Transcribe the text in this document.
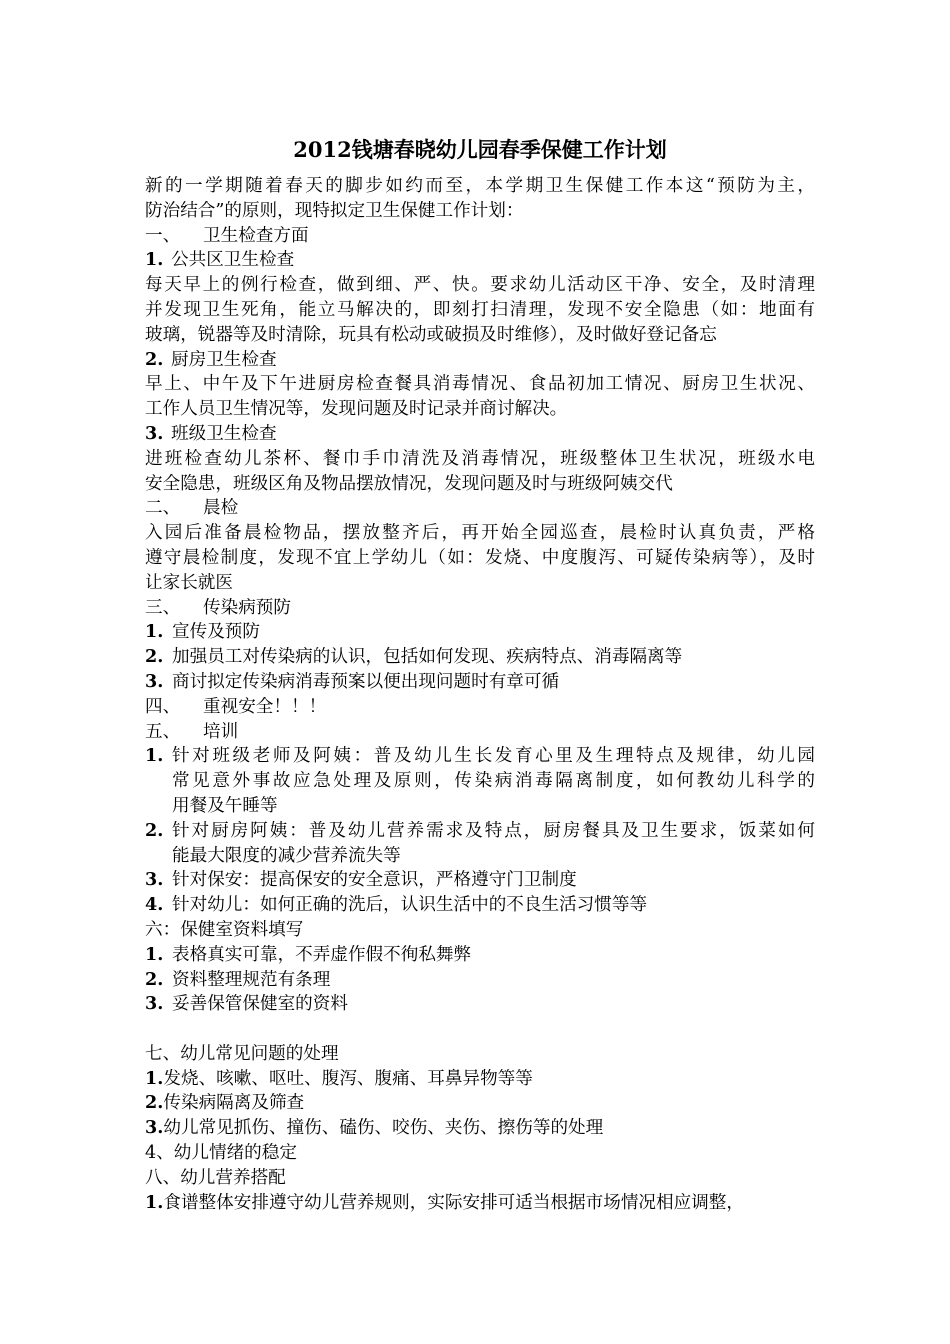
2012钱塘春晓幼儿园春季保健工作计划
新的一学期随着春天的脚步如约而至，本学期卫生保健工作本这“预防为主，
防治结合”的原则，现特拟定卫生保健工作计划：
一、 卫生检查方面
1. 公共区卫生检查
每天早上的例行检查，做到细、严、快。要求幼儿活动区干净、安全，及时清理
并发现卫生死角，能立马解决的，即刻打扫清理，发现不安全隐患（如：地面有
玻璃，锐器等及时清除，玩具有松动或破损及时维修），及时做好登记备忘
2. 厨房卫生检查
早上、中午及下午进厨房检查餐具消毒情况、食品初加工情况、厨房卫生状况、
工作人员卫生情况等，发现问题及时记录并商讨解决。
3. 班级卫生检查
进班检查幼儿茶杯、餐巾手巾清洗及消毒情况，班级整体卫生状况，班级水电
安全隐患，班级区角及物品摆放情况，发现问题及时与班级阿姨交代
二、 晨检
入园后准备晨检物品，摆放整齐后，再开始全园巡查，晨检时认真负责，严格
遵守晨检制度，发现不宜上学幼儿（如：发烧、中度腹泻、可疑传染病等），及时
让家长就医
三、 传染病预防
1. 宣传及预防
2. 加强员工对传染病的认识，包括如何发现、疾病特点、消毒隔离等
3. 商讨拟定传染病消毒预案以便出现问题时有章可循
四、 重视安全！！！
五、 培训
1. 针对班级老师及阿姨：普及幼儿生长发育心里及生理特点及规律，幼儿园
常见意外事故应急处理及原则，传染病消毒隔离制度，如何教幼儿科学的
用餐及午睡等
2. 针对厨房阿姨：普及幼儿营养需求及特点，厨房餐具及卫生要求，饭菜如何
能最大限度的减少营养流失等
3. 针对保安：提高保安的安全意识，严格遵守门卫制度
4. 针对幼儿：如何正确的洗后，认识生活中的不良生活习惯等等
六：保健室资料填写
1. 表格真实可靠，不弄虚作假不徇私舞弊
2. 资料整理规范有条理
3. 妥善保管保健室的资料
七、幼儿常见问题的处理
1.发烧、咳嗽、呕吐、腹泻、腹痛、耳鼻异物等等
2.传染病隔离及筛查
3.幼儿常见抓伤、撞伤、磕伤、咬伤、夹伤、擦伤等的处理
4、幼儿情绪的稳定
八、幼儿营养搭配
1.食谱整体安排遵守幼儿营养规则，实际安排可适当根据市场情况相应调整，
